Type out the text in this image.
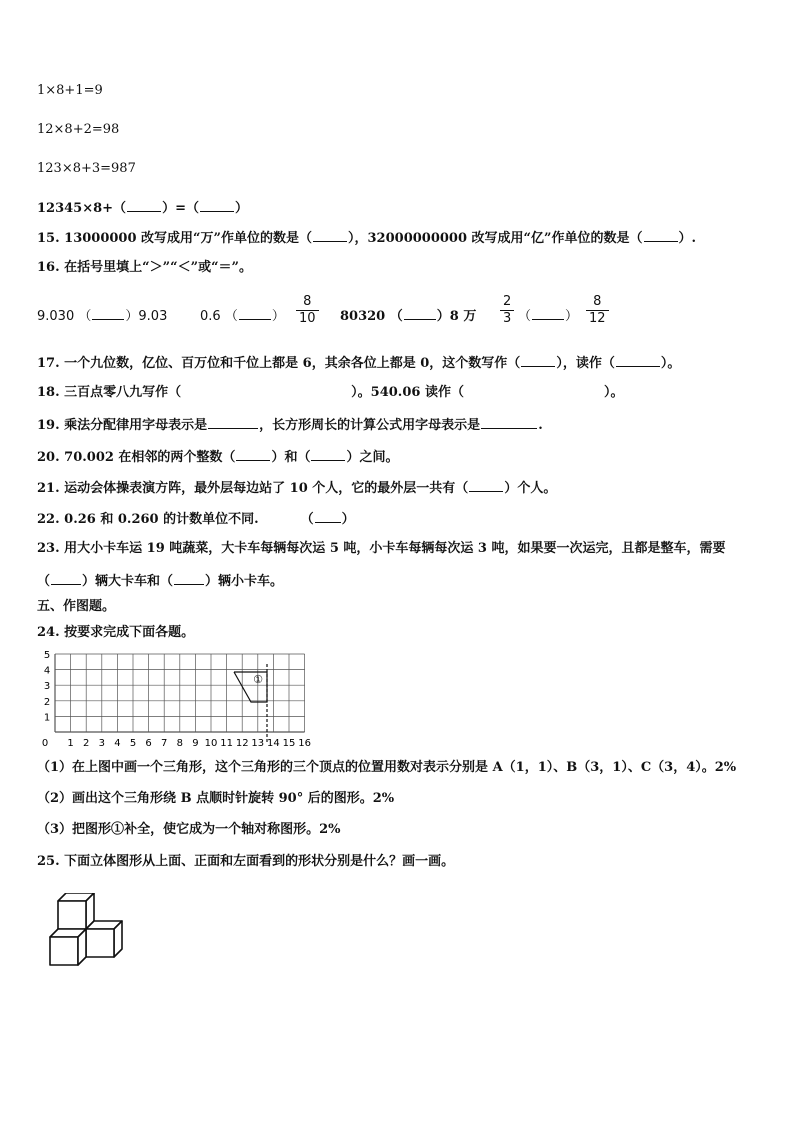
1×8+1=9
12×8+2=98
123×8+3=987
12345×8+（	）=（	）
15. 13000000 改写成用“万”作单位的数是（	），32000000000 改写成用“亿”作单位的数是（	）.
16. 在括号里填上“＞”“＜”或“＝”。
9.030 （	）9.03	0.6 （	） $\frac{8}{10} 80320$ （	）8 万 $\frac{2}{3}$ （	） $\frac{8}{12}$
17. 一个九位数，亿位、百万位和千位上都是 6，其余各位上都是 0，这个数写作（	），读作（	）。
18. 三百点零八九写作（	）。540.06 读作（	）。
19. 乘法分配律用字母表示是	，长方形周长的计算公式用字母表示是	.
20. 70.002 在相邻的两个整数（	）和（	）之间。
21. 运动会体操表演方阵，最外层每边站了 10 个人，它的最外层一共有（	）个人。
22. 0.26 和 0.260 的计数单位不同.	（ ）
23. 用大小卡车运 19 吨蔬菜，大卡车每辆每次运 5 吨，小卡车每辆每次运 3 吨，如果要一次运完，且都是整车，需要
（ ）辆大卡车和（ ）辆小卡车。
五、作图题。
24. 按要求完成下面各题。
0 1 2 3 4 5 6 7 8 9 10 11 12 13 14 15 16
1
2
3
4
5
①
（1）在上图中画一个三角形，这个三角形的三个顶点的位置用数对表示分别是 A（1，1）、B（3，1）、C（3，4）。2%
（2）画出这个三角形绕 B 点顺时针旋转 90° 后的图形。2%
（3）把图形①补全，使它成为一个轴对称图形。2%
25. 下面立体图形从上面、正面和左面看到的形状分别是什么？画一画。
